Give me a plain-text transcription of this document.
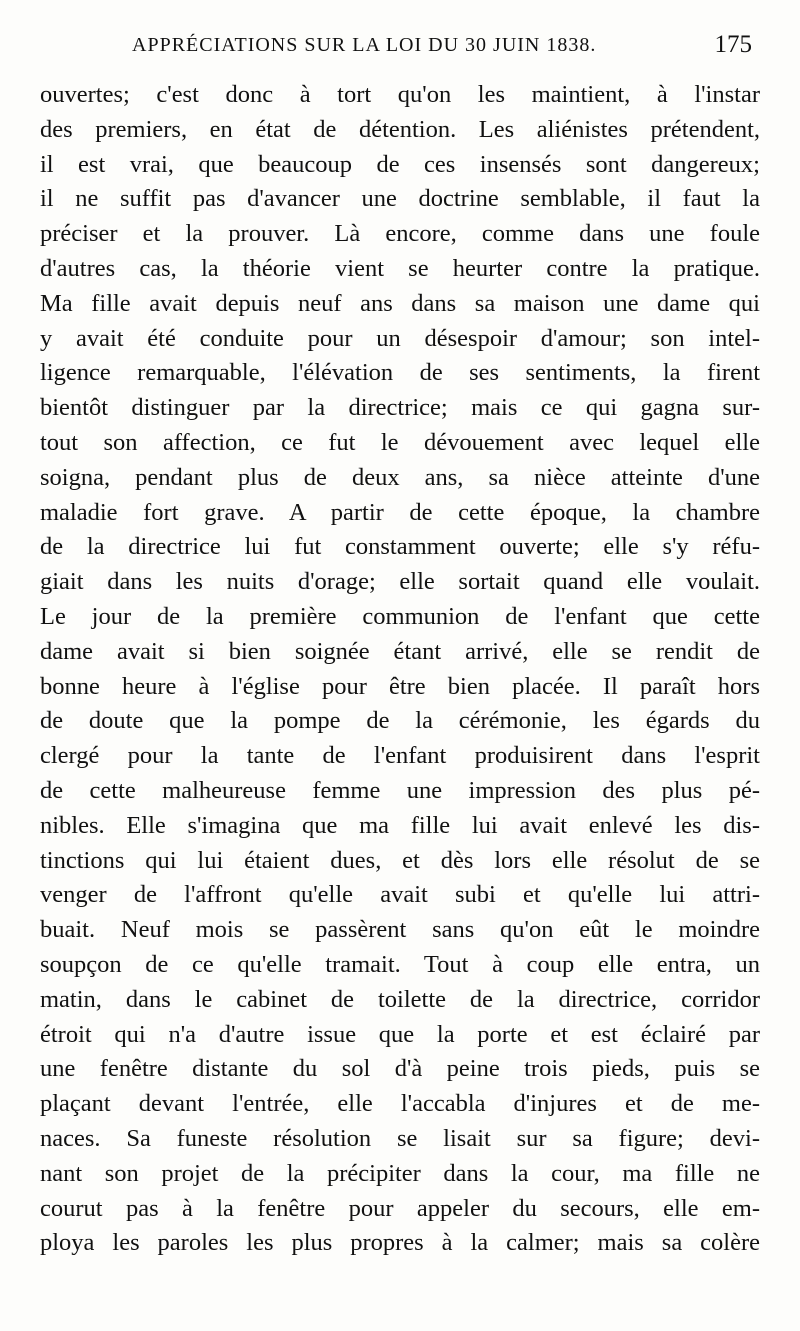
APPRÉCIATIONS SUR LA LOI DU 30 JUIN 1838.	175
ouvertes; c'est donc à tort qu'on les maintient, à l'instar
des premiers, en état de détention. Les aliénistes prétendent,
il est vrai, que beaucoup de ces insensés sont dangereux;
il ne suffit pas d'avancer une doctrine semblable, il faut la
préciser et la prouver. Là encore, comme dans une foule
d'autres cas, la théorie vient se heurter contre la pratique.
Ma fille avait depuis neuf ans dans sa maison une dame qui
y avait été conduite pour un désespoir d'amour; son intel-
ligence remarquable, l'élévation de ses sentiments, la firent
bientôt distinguer par la directrice; mais ce qui gagna sur-
tout son affection, ce fut le dévouement avec lequel elle
soigna, pendant plus de deux ans, sa nièce atteinte d'une
maladie fort grave. A partir de cette époque, la chambre
de la directrice lui fut constamment ouverte; elle s'y réfu-
giait dans les nuits d'orage; elle sortait quand elle voulait.
Le jour de la première communion de l'enfant que cette
dame avait si bien soignée étant arrivé, elle se rendit de
bonne heure à l'église pour être bien placée. Il paraît hors
de doute que la pompe de la cérémonie, les égards du
clergé pour la tante de l'enfant produisirent dans l'esprit
de cette malheureuse femme une impression des plus pé-
nibles. Elle s'imagina que ma fille lui avait enlevé les dis-
tinctions qui lui étaient dues, et dès lors elle résolut de se
venger de l'affront qu'elle avait subi et qu'elle lui attri-
buait. Neuf mois se passèrent sans qu'on eût le moindre
soupçon de ce qu'elle tramait. Tout à coup elle entra, un
matin, dans le cabinet de toilette de la directrice, corridor
étroit qui n'a d'autre issue que la porte et est éclairé par
une fenêtre distante du sol d'à peine trois pieds, puis se
plaçant devant l'entrée, elle l'accabla d'injures et de me-
naces. Sa funeste résolution se lisait sur sa figure; devi-
nant son projet de la précipiter dans la cour, ma fille ne
courut pas à la fenêtre pour appeler du secours, elle em-
ploya les paroles les plus propres à la calmer; mais sa colère
